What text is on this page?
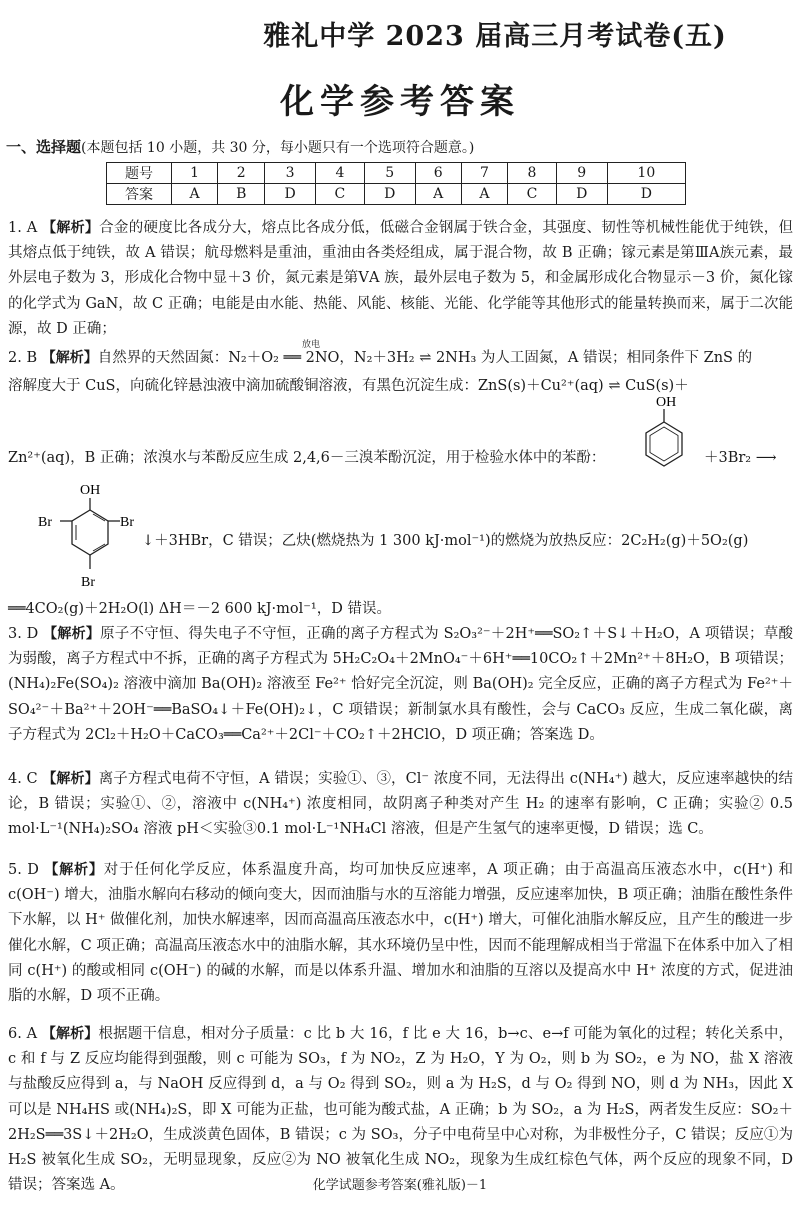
雅礼中学 2023 届高三月考试卷(五)
化学参考答案
一、选择题(本题包括 10 小题，共 30 分，每小题只有一个选项符合题意。)
题号	1	2	3	4	5	6	7	8	9	10
答案	A	B	D	C	D	A	A	C	D	D
1. A 【解析】合金的硬度比各成分大，熔点比各成分低，低磁合金钢属于铁合金，其强度、韧性等机械性能优于纯铁，但其熔点低于纯铁，故 A 错误；航母燃料是重油，重油由各类烃组成，属于混合物，故 B 正确；镓元素是第ⅢA族元素，最外层电子数为 3，形成化合物中显＋3 价，氮元素是第ⅤA 族，最外层电子数为 5，和金属形成化合物显示－3 价，氮化镓的化学式为 GaN，故 C 正确；电能是由水能、热能、风能、核能、光能、化学能等其他形式的能量转换而来，属于二次能源，故 D 正确；
2. B 【解析】自然界的天然固氮：N₂＋O₂ ══ 2NO，N₂＋3H₂ ⇌ 2NH₃ 为人工固氮，A 错误；相同条件下 ZnS 的
放电
溶解度大于 CuS，向硫化锌悬浊液中滴加硫酸铜溶液，有黑色沉淀生成：ZnS(s)＋Cu²⁺(aq) ⇌ CuS(s)＋
OH
Zn²⁺(aq)，B 正确；浓溴水与苯酚反应生成 2,4,6－三溴苯酚沉淀，用于检验水体中的苯酚：	＋3Br₂ ⟶
OH
Br	Br
Br
↓＋3HBr，C 错误；乙炔(燃烧热为 1 300 kJ·mol⁻¹)的燃烧为放热反应：2C₂H₂(g)＋5O₂(g)
══4CO₂(g)＋2H₂O(l) ΔH＝－2 600 kJ·mol⁻¹，D 错误。
3. D 【解析】原子不守恒、得失电子不守恒，正确的离子方程式为 S₂O₃²⁻＋2H⁺══SO₂↑＋S↓＋H₂O，A 项错误；草酸为弱酸，离子方程式中不拆，正确的离子方程式为 5H₂C₂O₄＋2MnO₄⁻＋6H⁺══10CO₂↑＋2Mn²⁺＋8H₂O，B 项错误；(NH₄)₂Fe(SO₄)₂ 溶液中滴加 Ba(OH)₂ 溶液至 Fe²⁺ 恰好完全沉淀，则 Ba(OH)₂ 完全反应，正确的离子方程式为 Fe²⁺＋SO₄²⁻＋Ba²⁺＋2OH⁻══BaSO₄↓＋Fe(OH)₂↓，C 项错误；新制氯水具有酸性，会与 CaCO₃ 反应，生成二氧化碳，离子方程式为 2Cl₂＋H₂O＋CaCO₃══Ca²⁺＋2Cl⁻＋CO₂↑＋2HClO，D 项正确；答案选 D。
4. C 【解析】离子方程式电荷不守恒，A 错误；实验①、③，Cl⁻ 浓度不同，无法得出 c(NH₄⁺) 越大，反应速率越快的结论，B 错误；实验①、②，溶液中 c(NH₄⁺) 浓度相同，故阴离子种类对产生 H₂ 的速率有影响，C 正确；实验② 0.5 mol·L⁻¹(NH₄)₂SO₄ 溶液 pH＜实验③0.1 mol·L⁻¹NH₄Cl 溶液，但是产生氢气的速率更慢，D 错误；选 C。
5. D 【解析】对于任何化学反应，体系温度升高，均可加快反应速率，A 项正确；由于高温高压液态水中，c(H⁺) 和 c(OH⁻) 增大，油脂水解向右移动的倾向变大，因而油脂与水的互溶能力增强，反应速率加快，B 项正确；油脂在酸性条件下水解，以 H⁺ 做催化剂，加快水解速率，因而高温高压液态水中，c(H⁺) 增大，可催化油脂水解反应，且产生的酸进一步催化水解，C 项正确；高温高压液态水中的油脂水解，其水环境仍呈中性，因而不能理解成相当于常温下在体系中加入了相同 c(H⁺) 的酸或相同 c(OH⁻) 的碱的水解，而是以体系升温、增加水和油脂的互溶以及提高水中 H⁺ 浓度的方式，促进油脂的水解，D 项不正确。
6. A 【解析】根据题干信息，相对分子质量：c 比 b 大 16，f 比 e 大 16，b→c、e→f 可能为氧化的过程；转化关系中，c 和 f 与 Z 反应均能得到强酸，则 c 可能为 SO₃，f 为 NO₂，Z 为 H₂O，Y 为 O₂，则 b 为 SO₂，e 为 NO，盐 X 溶液与盐酸反应得到 a，与 NaOH 反应得到 d，a 与 O₂ 得到 SO₂，则 a 为 H₂S，d 与 O₂ 得到 NO，则 d 为 NH₃，因此 X 可以是 NH₄HS 或(NH₄)₂S，即 X 可能为正盐，也可能为酸式盐，A 正确；b 为 SO₂，a 为 H₂S，两者发生反应：SO₂＋2H₂S══3S↓＋2H₂O，生成淡黄色固体，B 错误；c 为 SO₃，分子中电荷呈中心对称，为非极性分子，C 错误；反应①为 H₂S 被氧化生成 SO₂，无明显现象，反应②为 NO 被氧化生成 NO₂，现象为生成红棕色气体，两个反应的现象不同，D 错误；答案选 A。	化学试题参考答案(雅礼版)－1
